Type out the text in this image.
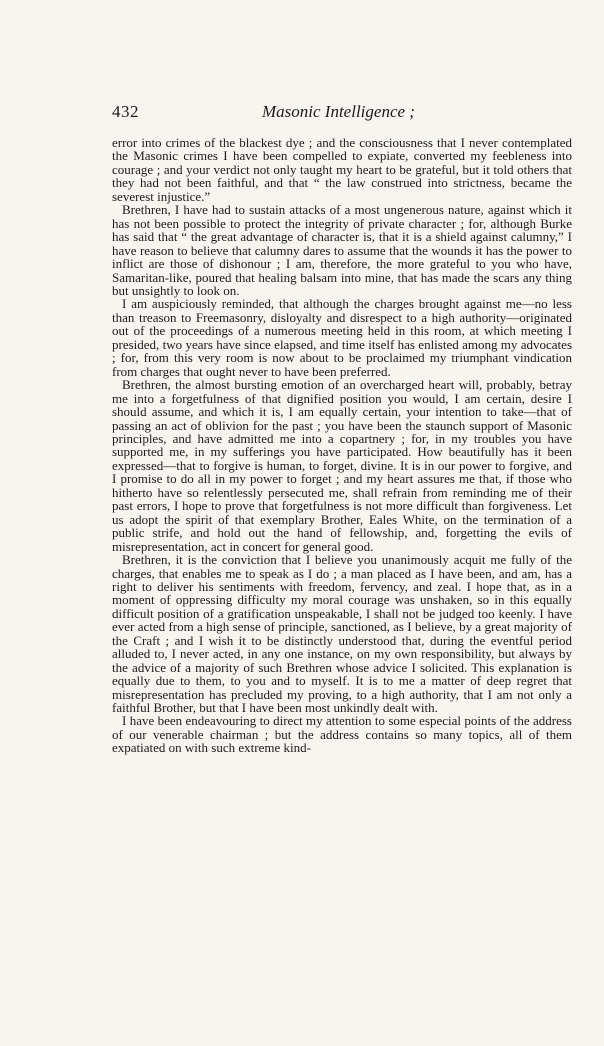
432	Masonic Intelligence ;

error into crimes of the blackest dye ; and the consciousness that I never contemplated the Masonic crimes I have been compelled to expiate, converted my feebleness into courage ; and your verdict not only taught my heart to be grateful, but it told others that they had not been faithful, and that “ the law construed into strictness, became the severest injustice.”

Brethren, I have had to sustain attacks of a most ungenerous nature, against which it has not been possible to protect the integrity of private character ; for, although Burke has said that “ the great advantage of character is, that it is a shield against calumny,” I have reason to believe that calumny dares to assume that the wounds it has the power to inflict are those of dishonour ; I am, therefore, the more grateful to you who have, Samaritan-like, poured that healing balsam into mine, that has made the scars any thing but unsightly to look on.

I am auspiciously reminded, that although the charges brought against me—no less than treason to Freemasonry, disloyalty and disrespect to a high authority—originated out of the proceedings of a numerous meeting held in this room, at which meeting I presided, two years have since elapsed, and time itself has enlisted among my advocates ; for, from this very room is now about to be proclaimed my triumphant vindication from charges that ought never to have been preferred.

Brethren, the almost bursting emotion of an overcharged heart will, probably, betray me into a forgetfulness of that dignified position you would, I am certain, desire I should assume, and which it is, I am equally certain, your intention to take—that of passing an act of oblivion for the past ; you have been the staunch support of Masonic principles, and have admitted me into a copartnery ; for, in my troubles you have supported me, in my sufferings you have participated. How beautifully has it been expressed—that to forgive is human, to forget, divine. It is in our power to forgive, and I promise to do all in my power to forget ; and my heart assures me that, if those who hitherto have so relentlessly persecuted me, shall refrain from reminding me of their past errors, I hope to prove that forgetfulness is not more difficult than forgiveness. Let us adopt the spirit of that exemplary Brother, Eales White, on the termination of a public strife, and hold out the hand of fellowship, and, forgetting the evils of misrepresentation, act in concert for general good.

Brethren, it is the conviction that I believe you unanimously acquit me fully of the charges, that enables me to speak as I do ; a man placed as I have been, and am, has a right to deliver his sentiments with freedom, fervency, and zeal. I hope that, as in a moment of oppressing difficulty my moral courage was unshaken, so in this equally difficult position of a gratification unspeakable, I shall not be judged too keenly. I have ever acted from a high sense of principle, sanctioned, as I believe, by a great majority of the Craft ; and I wish it to be distinctly understood that, during the eventful period alluded to, I never acted, in any one instance, on my own responsibility, but always by the advice of a majority of such Brethren whose advice I solicited. This explanation is equally due to them, to you and to myself. It is to me a matter of deep regret that misrepresentation has precluded my proving, to a high authority, that I am not only a faithful Brother, but that I have been most unkindly dealt with.

I have been endeavouring to direct my attention to some especial points of the address of our venerable chairman ; but the address contains so many topics, all of them expatiated on with such extreme kind-
